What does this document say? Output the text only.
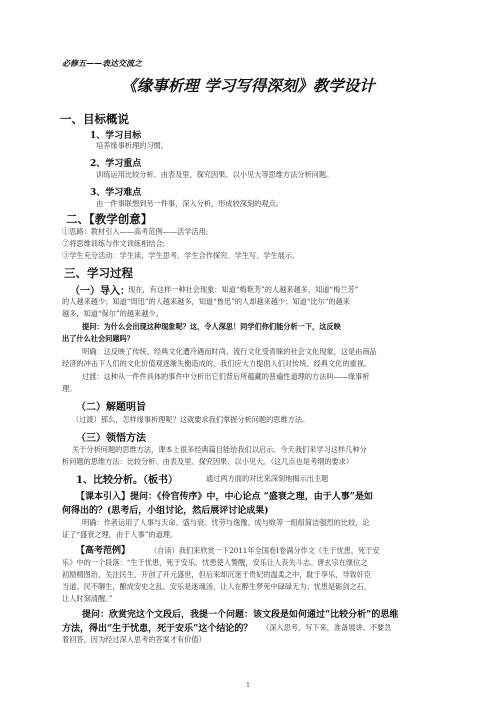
必修五——表达交流之
《缘事析理 学习写得深刻》教学设计
一、目标概说
1、学习目标
培养缘事析理的习惯。
2、学习重点
训练运用比较分析、由表及里、探究因果、以小见大等思维方法分析问题。
3、学习难点
由一件事联想到另一件事，深入分析，形成较深刻的观点。
二、【教学创意】
①思路：教材引入——高考范例——活学活用;
②将思维训练与作文训练相结合;
③学生充分活动：学生读、学生思考、学生合作探究、学生写、学生展示。
三、学习过程
（一）导入：
现在，有这样一种社会现象：知道“梅艳芳”的人越来越多，知道“梅兰芳”
的人越来越少；知道“周迅”的人越来越多，知道“鲁迅”的人却越来越少；知道“比尔”的越来
越多，知道“保尔”的越来越少。
提问：为什么会出现这种现象呢？这，令人深思！同学们你们能分析一下，这反映
出了什么社会问题吗？
明确：这反映了传统、经典文化遭冷遇而时尚、流行文化受青睐的社会文化现象，这是由商品
经济的冲击下人们的文化价值观逐渐失衡造成的，我们应大力提倡人们对传统、经典文化的重视。
过渡：这种从一件件具体的事件中分析出它们背后所蕴藏的普遍性道理的方法叫——缘事析
理。
（二）解题明旨
（过渡）那么，怎样缘事析理呢？这就要求我们掌握分析问题的思维方法。
（三）领悟方法
关于分析问题的思维方法，课本上很多经典篇目能给我们以启示。今天我们来学习这样几种分
析问题的思维方法：比较分析、由表及里、探究因果、以小见大。（这几点也是考纲的要求）
1、比较分析。（板书）	通过两方面的对比来深刻地揭示出主题
【课本引入】提问：《伶官传序》中，中心论点 “盛衰之理，由于人事”是如
何得出的？(思考后，小组讨论，然后展评讨论成果)
明确：作者运用了人事与天命、盛与衰、忧劳与逸豫、成与败等一组组简洁强烈的比较，论
证了“盛衰之理，由于人事”的道理。
【高考范例】	（自读）我们来欣赏一下2011年全国卷Ⅰ卷满分作文《生于忧患，死于安
乐》中的一个段落：“生于忧患，死于安乐，忧患使人警醒，安乐让人丧失斗志。唐玄宗在继位之
初励精图治，关注民生，开创了开元盛世，但后来却沉迷于贵妃的温柔之中，耽于享乐，导致奸臣
当道、民不聊生，酿成安史之乱。安乐是迷魂汤，让人在醉生梦死中碌碌无为；忧患是砺剑之石，
让人时刻清醒。”
提问：欣赏完这个文段后，我提一个问题：该文段是如何通过“比较分析”的思维
方法，得出“生于忧患，死于安乐”这个结论的？	（深入思考，写下来，准备展讲。不要急
着回答，因为经过深入思考的答案才有价值）
1
